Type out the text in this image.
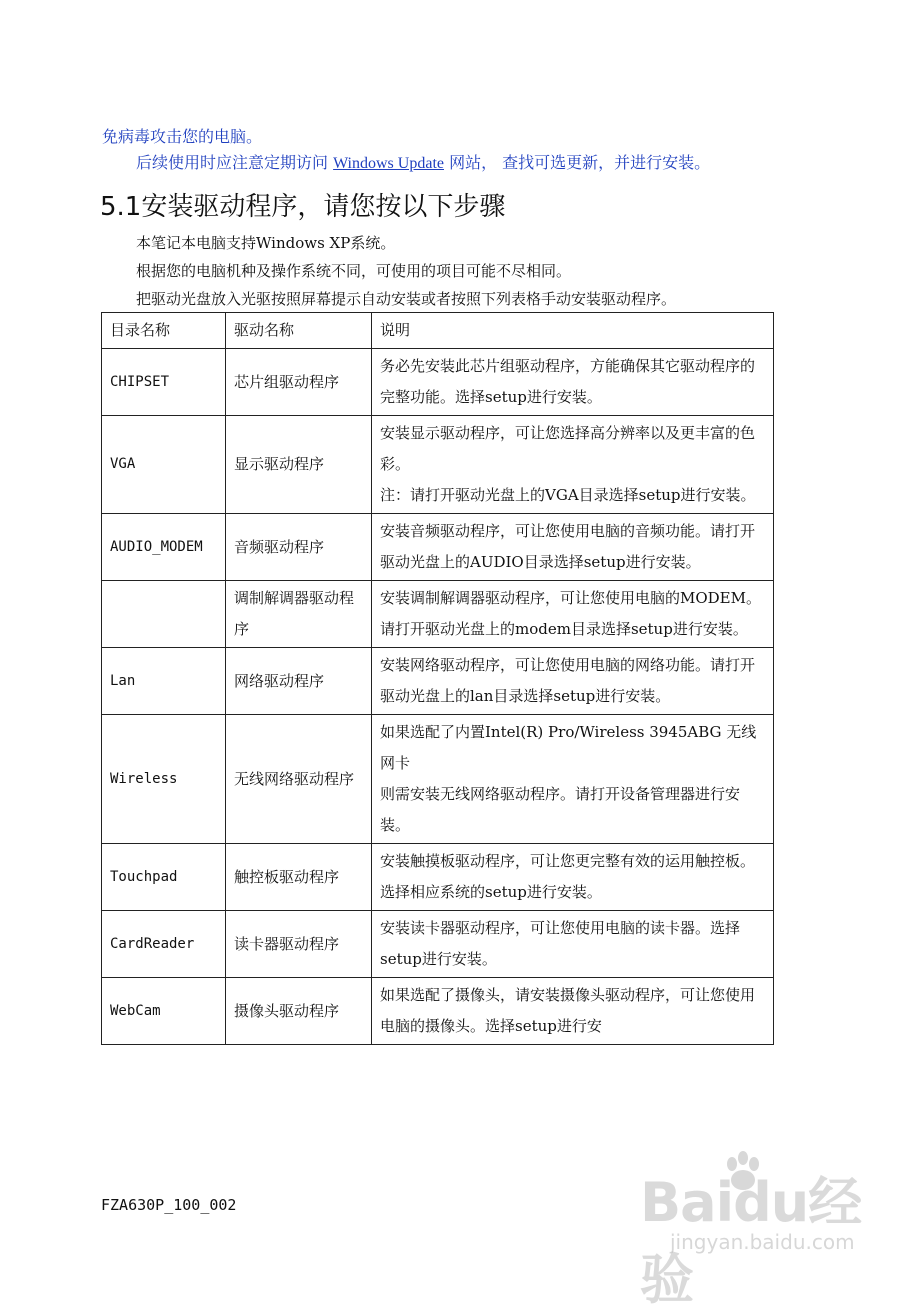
免病毒攻击您的电脑。
后续使用时应注意定期访问 Windows Update 网站， 查找可选更新，并进行安装。
5.1安装驱动程序，请您按以下步骤
本笔记本电脑支持Windows XP系统。
根据您的电脑机种及操作系统不同，可使用的项目可能不尽相同。
把驱动光盘放入光驱按照屏幕提示自动安装或者按照下列表格手动安装驱动程序。
目录名称	驱动名称	说明
CHIPSET	芯片组驱动程序	务必先安装此芯片组驱动程序，方能确保其它驱动程序的完整功能。选择setup进行安装。
VGA	显示驱动程序	安装显示驱动程序，可让您选择高分辨率以及更丰富的色彩。
注：请打开驱动光盘上的VGA目录选择setup进行安装。

AUDIO_MODEM	音频驱动程序	安装音频驱动程序，可让您使用电脑的音频功能。请打开驱动光盘上的AUDIO目录选择setup进行安装。
	调制解调器驱动程序	安装调制解调器驱动程序，可让您使用电脑的MODEM。请打开驱动光盘上的modem目录选择setup进行安装。
Lan	网络驱动程序	安装网络驱动程序，可让您使用电脑的网络功能。请打开驱动光盘上的lan目录选择setup进行安装。
Wireless	无线网络驱动程序	如果选配了内置Intel(R) Pro/Wireless 3945ABG 无线网卡
则需安装无线网络驱动程序。请打开设备管理器进行安装。

Touchpad	触控板驱动程序	安装触摸板驱动程序，可让您更完整有效的运用触控板。选择相应系统的setup进行安装。
CardReader	读卡器驱动程序	安装读卡器驱动程序，可让您使用电脑的读卡器。选择setup进行安装。
WebCam	摄像头驱动程序	如果选配了摄像头，请安装摄像头驱动程序，可让您使用电脑的摄像头。选择setup进行安
FZA630P_100_002	Baidu经验
jingyan.baidu.com
